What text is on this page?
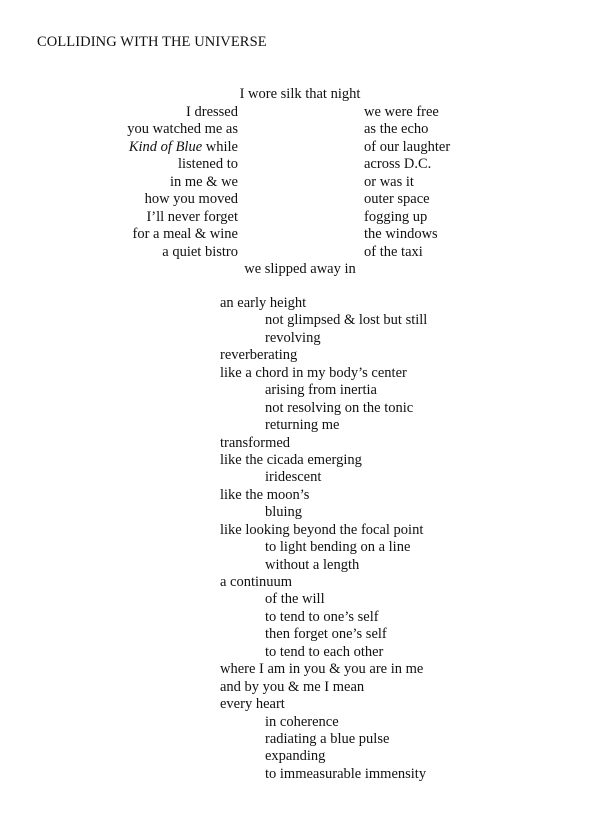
COLLIDING WITH THE UNIVERSE
I wore silk that night
I dressed
you watched me as
Kind of Blue while
listened to
in me & we
how you moved
I’ll never forget
for a meal & wine
a quiet bistro
we were free
as the echo
of our laughter
across D.C.
or was it
outer space
fogging up
the windows
of the taxi
we slipped away in
an early height
not glimpsed & lost but still
revolving
reverberating
like a chord in my body’s center
arising from inertia
not resolving on the tonic
returning me
transformed
like the cicada emerging
iridescent
like the moon’s
bluing
like looking beyond the focal point
to light bending on a line
without a length
a continuum
of the will
to tend to one’s self
then forget one’s self
to tend to each other
where I am in you & you are in me
and by you & me I mean
every heart
in coherence
radiating a blue pulse
expanding
to immeasurable immensity
